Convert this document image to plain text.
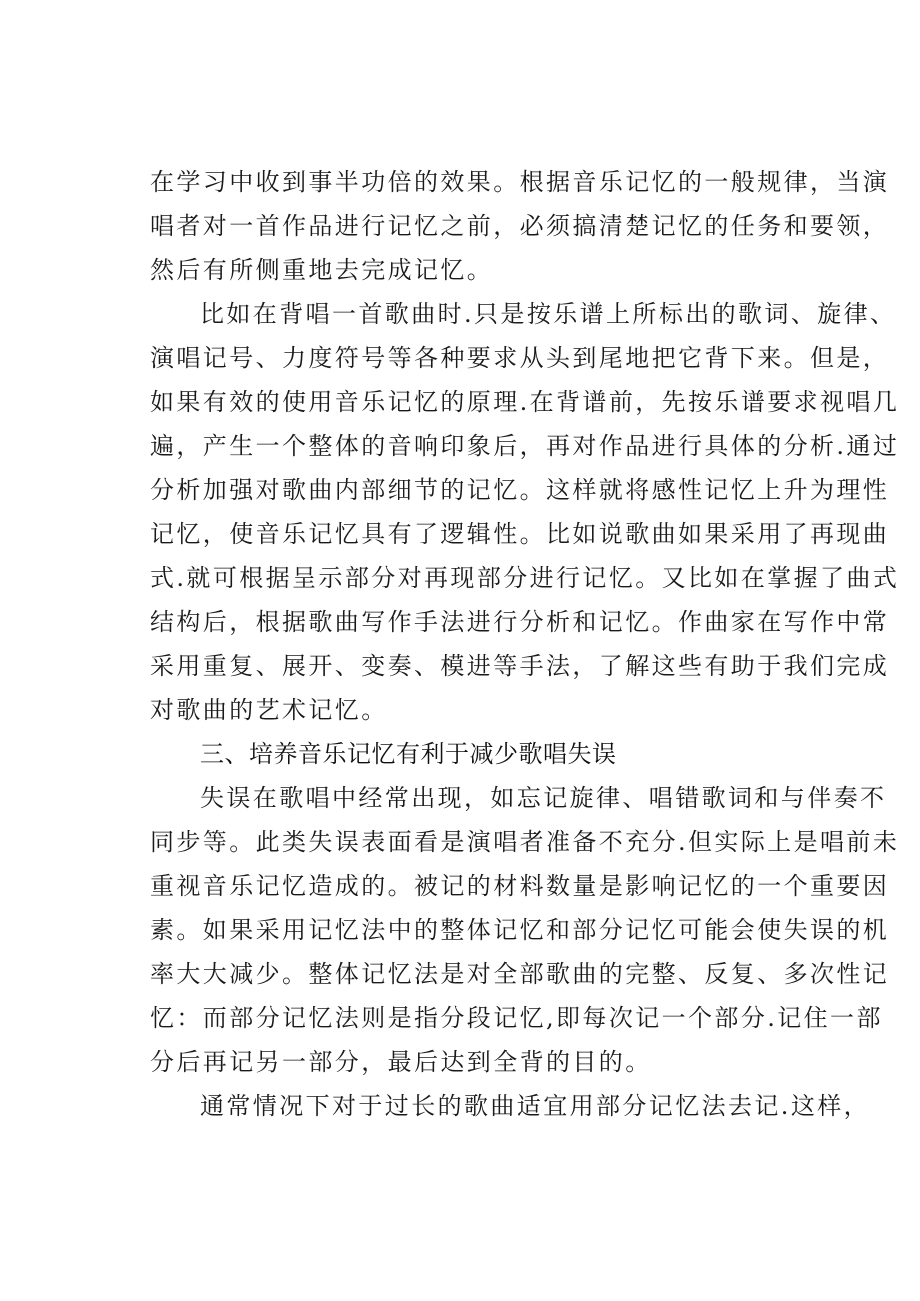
在学习中收到事半功倍的效果。根据音乐记忆的一般规律，当演
唱者对一首作品进行记忆之前，必须搞清楚记忆的任务和要领，
然后有所侧重地去完成记忆。
比如在背唱一首歌曲时.只是按乐谱上所标出的歌词、旋律、
演唱记号、力度符号等各种要求从头到尾地把它背下来。但是，
如果有效的使用音乐记忆的原理.在背谱前，先按乐谱要求视唱几
遍，产生一个整体的音响印象后，再对作品进行具体的分析.通过
分析加强对歌曲内部细节的记忆。这样就将感性记忆上升为理性
记忆，使音乐记忆具有了逻辑性。比如说歌曲如果采用了再现曲
式.就可根据呈示部分对再现部分进行记忆。又比如在掌握了曲式
结构后，根据歌曲写作手法进行分析和记忆。作曲家在写作中常
采用重复、展开、变奏、模进等手法，了解这些有助于我们完成
对歌曲的艺术记忆。
三、培养音乐记忆有利于减少歌唱失误
失误在歌唱中经常出现，如忘记旋律、唱错歌词和与伴奏不
同步等。此类失误表面看是演唱者准备不充分.但实际上是唱前未
重视音乐记忆造成的。被记的材料数量是影响记忆的一个重要因
素。如果采用记忆法中的整体记忆和部分记忆可能会使失误的机
率大大减少。整体记忆法是对全部歌曲的完整、反复、多次性记
忆：而部分记忆法则是指分段记忆,即每次记一个部分.记住一部
分后再记另一部分，最后达到全背的目的。
通常情况下对于过长的歌曲适宜用部分记忆法去记.这样，
